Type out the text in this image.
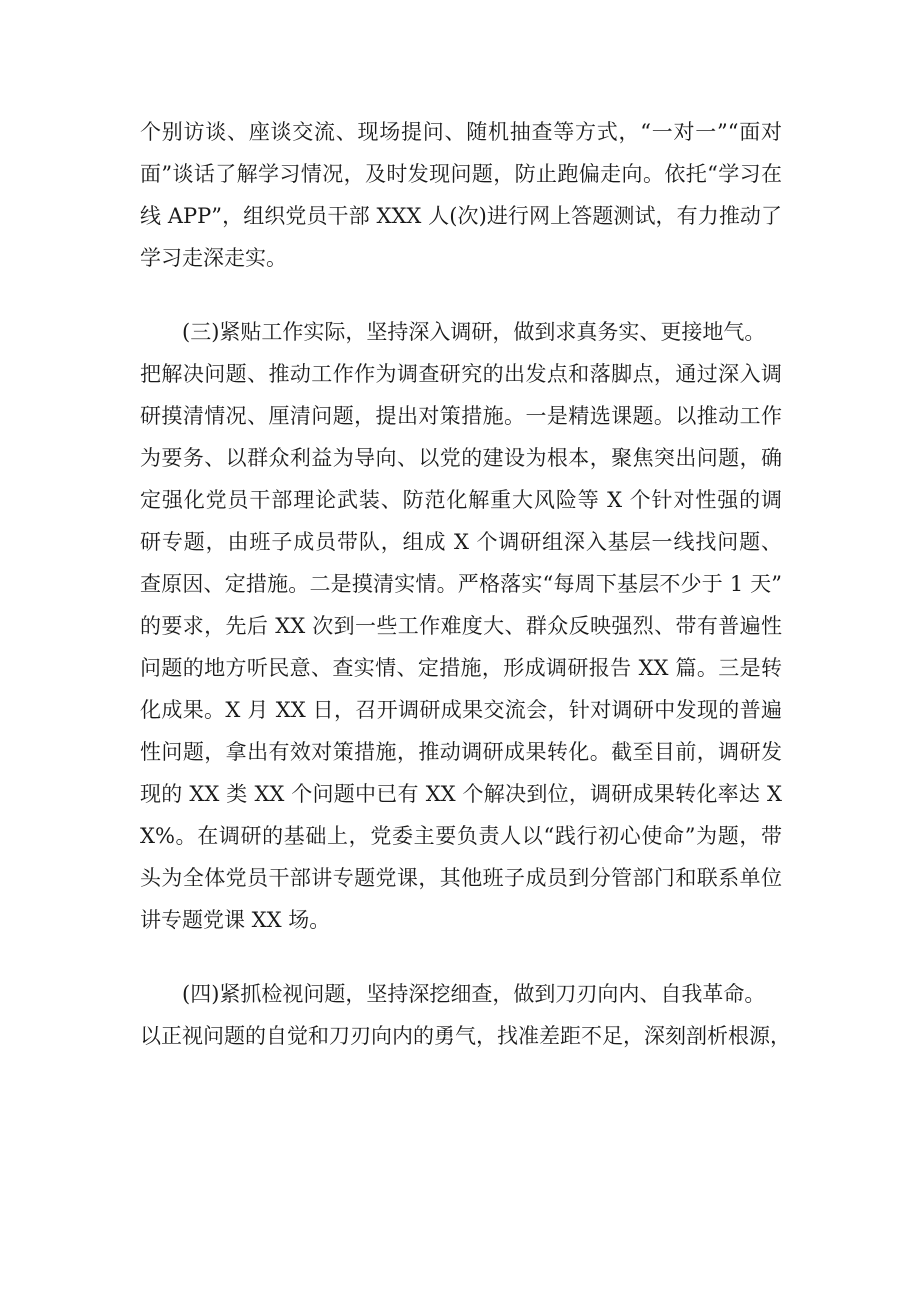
个别访谈、座谈交流、现场提问、随机抽查等方式，“一对一”“面对
面”谈话了解学习情况，及时发现问题，防止跑偏走向。依托“学习在
线 APP”，组织党员干部 XXX 人(次)进行网上答题测试，有力推动了
学习走深走实。
(三)紧贴工作实际，坚持深入调研，做到求真务实、更接地气。
把解决问题、推动工作作为调查研究的出发点和落脚点，通过深入调
研摸清情况、厘清问题，提出对策措施。一是精选课题。以推动工作
为要务、以群众利益为导向、以党的建设为根本，聚焦突出问题，确
定强化党员干部理论武装、防范化解重大风险等 X 个针对性强的调
研专题，由班子成员带队，组成 X 个调研组深入基层一线找问题、
查原因、定措施。二是摸清实情。严格落实“每周下基层不少于 1 天”
的要求，先后 XX 次到一些工作难度大、群众反映强烈、带有普遍性
问题的地方听民意、查实情、定措施，形成调研报告 XX 篇。三是转
化成果。X 月 XX 日，召开调研成果交流会，针对调研中发现的普遍
性问题，拿出有效对策措施，推动调研成果转化。截至目前，调研发
现的 XX 类 XX 个问题中已有 XX 个解决到位，调研成果转化率达 X
X%。在调研的基础上，党委主要负责人以“践行初心使命”为题，带
头为全体党员干部讲专题党课，其他班子成员到分管部门和联系单位
讲专题党课 XX 场。
(四)紧抓检视问题，坚持深挖细查，做到刀刃向内、自我革命。
以正视问题的自觉和刀刃向内的勇气，找准差距不足，深刻剖析根源，
